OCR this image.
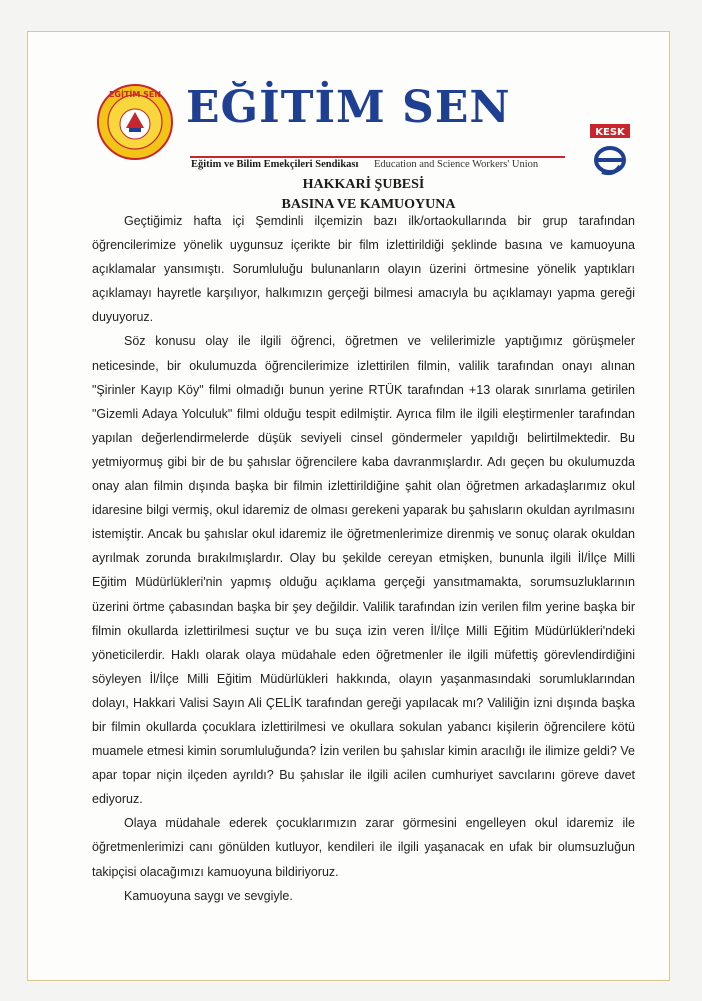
EĞİTİM SEN EĞİTİM SEN
Eğitim ve Bilim Emekçileri Sendikası Education and Science Workers' Union
KESK
HAKKARİ ŞUBESİ
BASINA VE KAMUOYUNA

Geçtiğimiz hafta içi Şemdinli ilçemizin bazı ilk/ortaokullarında bir grup tarafından öğrencilerimize yönelik uygunsuz içerikte bir film izlettirildiği şeklinde basına ve kamuoyuna açıklamalar yansımıştı. Sorumluluğu bulunanların olayın üzerini örtmesine yönelik yaptıkları açıklamayı hayretle karşılıyor, halkımızın gerçeği bilmesi amacıyla bu açıklamayı yapma gereği duyuyoruz.

Söz konusu olay ile ilgili öğrenci, öğretmen ve velilerimizle yaptığımız görüşmeler neticesinde, bir okulumuzda öğrencilerimize izlettirilen filmin, valilik tarafından onayı alınan "Şirinler Kayıp Köy" filmi olmadığı bunun yerine RTÜK tarafından +13 olarak sınırlama getirilen "Gizemli Adaya Yolculuk" filmi olduğu tespit edilmiştir. Ayrıca film ile ilgili eleştirmenler tarafından yapılan değerlendirmelerde düşük seviyeli cinsel göndermeler yapıldığı belirtilmektedir. Bu yetmiyormuş gibi bir de bu şahıslar öğrencilere kaba davranmışlardır. Adı geçen bu okulumuzda onay alan filmin dışında başka bir filmin izlettirildiğine şahit olan öğretmen arkadaşlarımız okul idaresine bilgi vermiş, okul idaremiz de olması gerekeni yaparak bu şahısların okuldan ayrılmasını istemiştir. Ancak bu şahıslar okul idaremiz ile öğretmenlerimize direnmiş ve sonuç olarak okuldan ayrılmak zorunda bırakılmışlardır. Olay bu şekilde cereyan etmişken, bununla ilgili İl/İlçe Milli Eğitim Müdürlükleri'nin yapmış olduğu açıklama gerçeği yansıtmamakta, sorumsuzluklarının üzerini örtme çabasından başka bir şey değildir. Valilik tarafından izin verilen film yerine başka bir filmin okullarda izlettirilmesi suçtur ve bu suça izin veren İl/İlçe Milli Eğitim Müdürlükleri'ndeki yöneticilerdir. Haklı olarak olaya müdahale eden öğretmenler ile ilgili müfettiş görevlendirdiğini söyleyen İl/İlçe Milli Eğitim Müdürlükleri hakkında, olayın yaşanmasındaki sorumluklarından dolayı, Hakkari Valisi Sayın Ali ÇELİK tarafından gereği yapılacak mı? Valiliğin izni dışında başka bir filmin okullarda çocuklara izlettirilmesi ve okullara sokulan yabancı kişilerin öğrencilere kötü muamele etmesi kimin sorumluluğunda? İzin verilen bu şahıslar kimin aracılığı ile ilimize geldi? Ve apar topar niçin ilçeden ayrıldı? Bu şahıslar ile ilgili acilen cumhuriyet savcılarını göreve davet ediyoruz.

Olaya müdahale ederek çocuklarımızın zarar görmesini engelleyen okul idaremiz ile öğretmenlerimizi canı gönülden kutluyor, kendileri ile ilgili yaşanacak en ufak bir olumsuzluğun takipçisi olacağımızı kamuoyuna bildiriyoruz.

Kamuoyuna saygı ve sevgiyle.
